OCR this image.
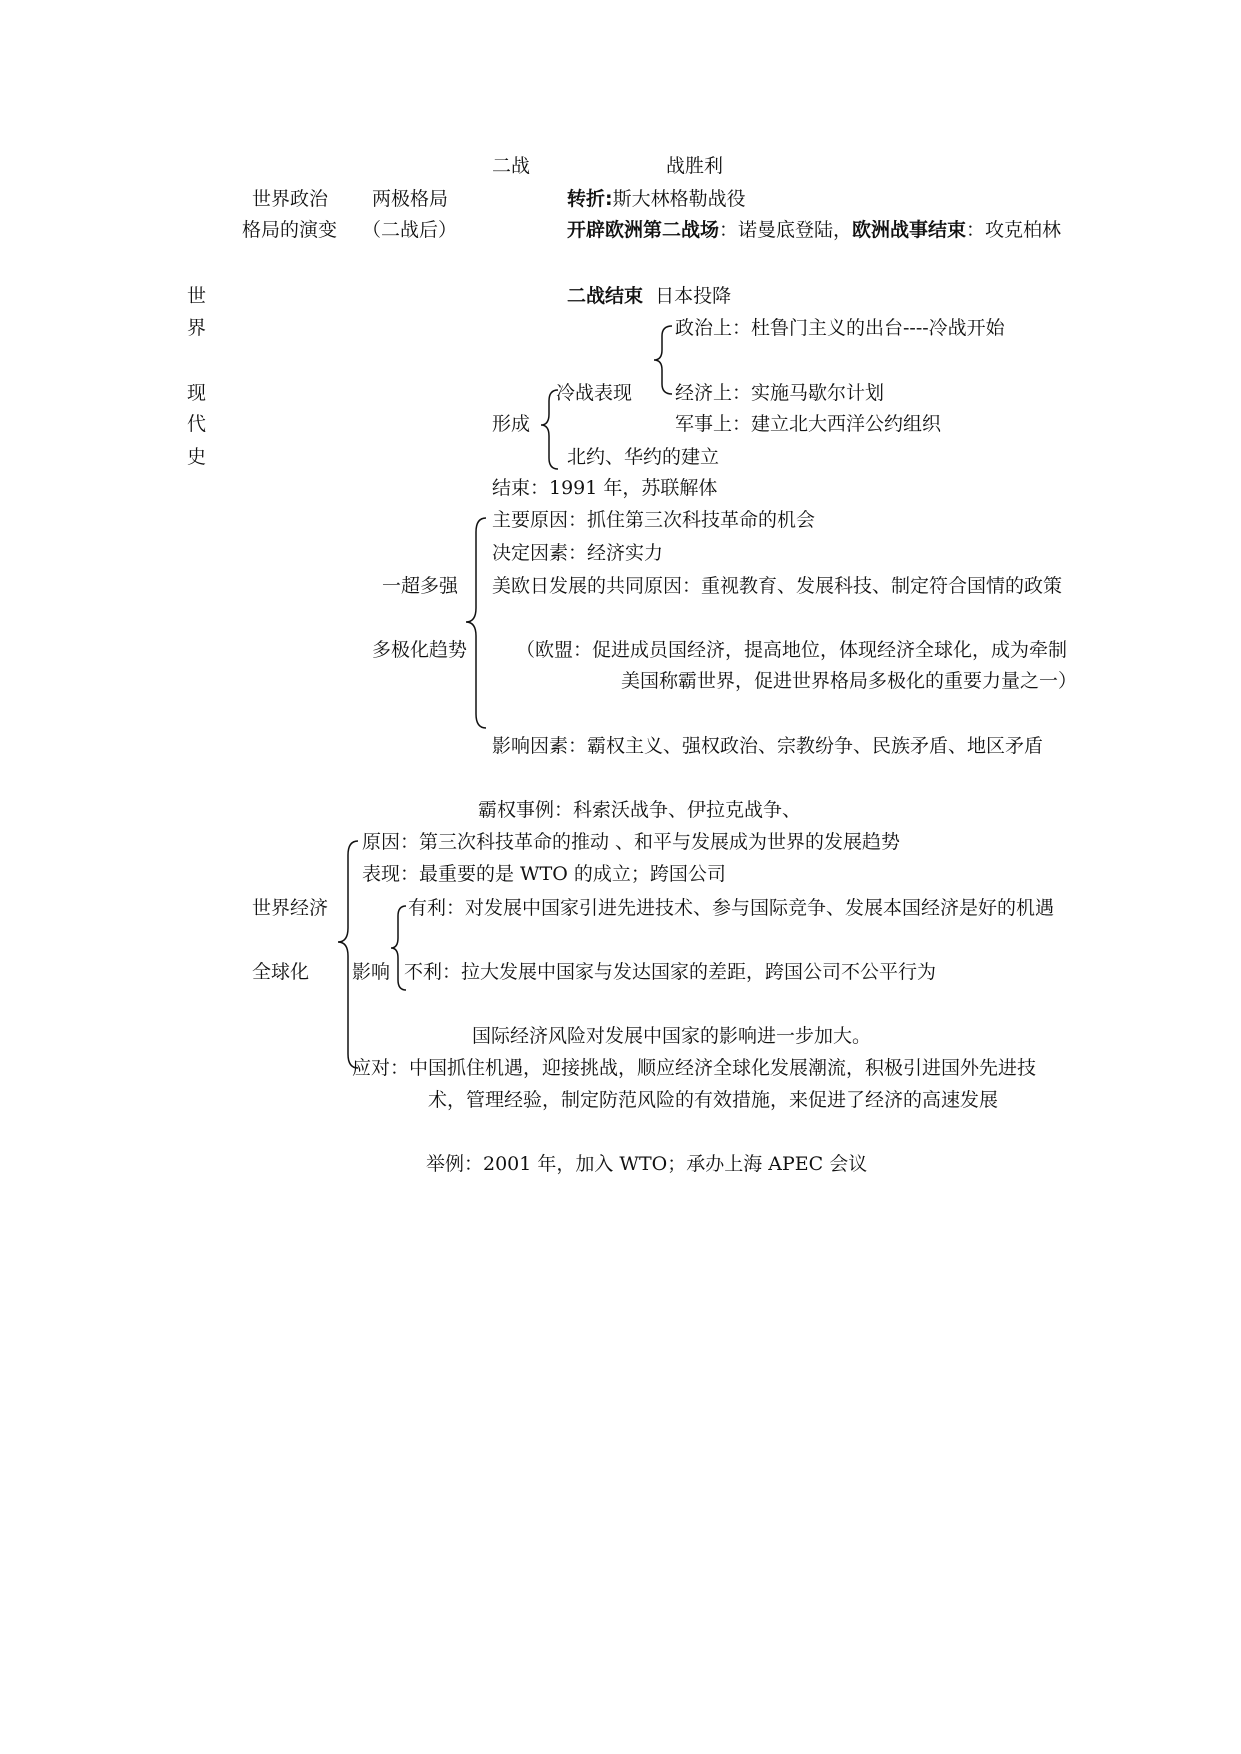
世
界
现
代
史
世界政治
格局的演变
两极格局
（二战后）
二战	战胜利
转折:斯大林格勒战役
开辟欧洲第二战场：诺曼底登陆，欧洲战事结束：攻克柏林
二战结束 日本投降
政治上：杜鲁门主义的出台----冷战开始
冷战表现 经济上：实施马歇尔计划
形成	军事上：建立北大西洋公约组织
北约、华约的建立
结束：1991 年，苏联解体
主要原因：抓住第三次科技革命的机会
决定因素：经济实力
一超多强 美欧日发展的共同原因：重视教育、发展科技、制定符合国情的政策
多极化趋势	（欧盟：促进成员国经济，提高地位，体现经济全球化，成为牵制
美国称霸世界，促进世界格局多极化的重要力量之一）
影响因素：霸权主义、强权政治、宗教纷争、民族矛盾、地区矛盾
霸权事例：科索沃战争、伊拉克战争、
原因：第三次科技革命的推动 、和平与发展成为世界的发展趋势
表现：最重要的是 WTO 的成立；跨国公司
世界经济	有利：对发展中国家引进先进技术、参与国际竞争、发展本国经济是好的机遇
全球化 影响 不利：拉大发展中国家与发达国家的差距，跨国公司不公平行为
国际经济风险对发展中国家的影响进一步加大。
应对：中国抓住机遇，迎接挑战，顺应经济全球化发展潮流，积极引进国外先进技
术，管理经验，制定防范风险的有效措施，来促进了经济的高速发展
举例：2001 年，加入 WTO；承办上海 APEC 会议
